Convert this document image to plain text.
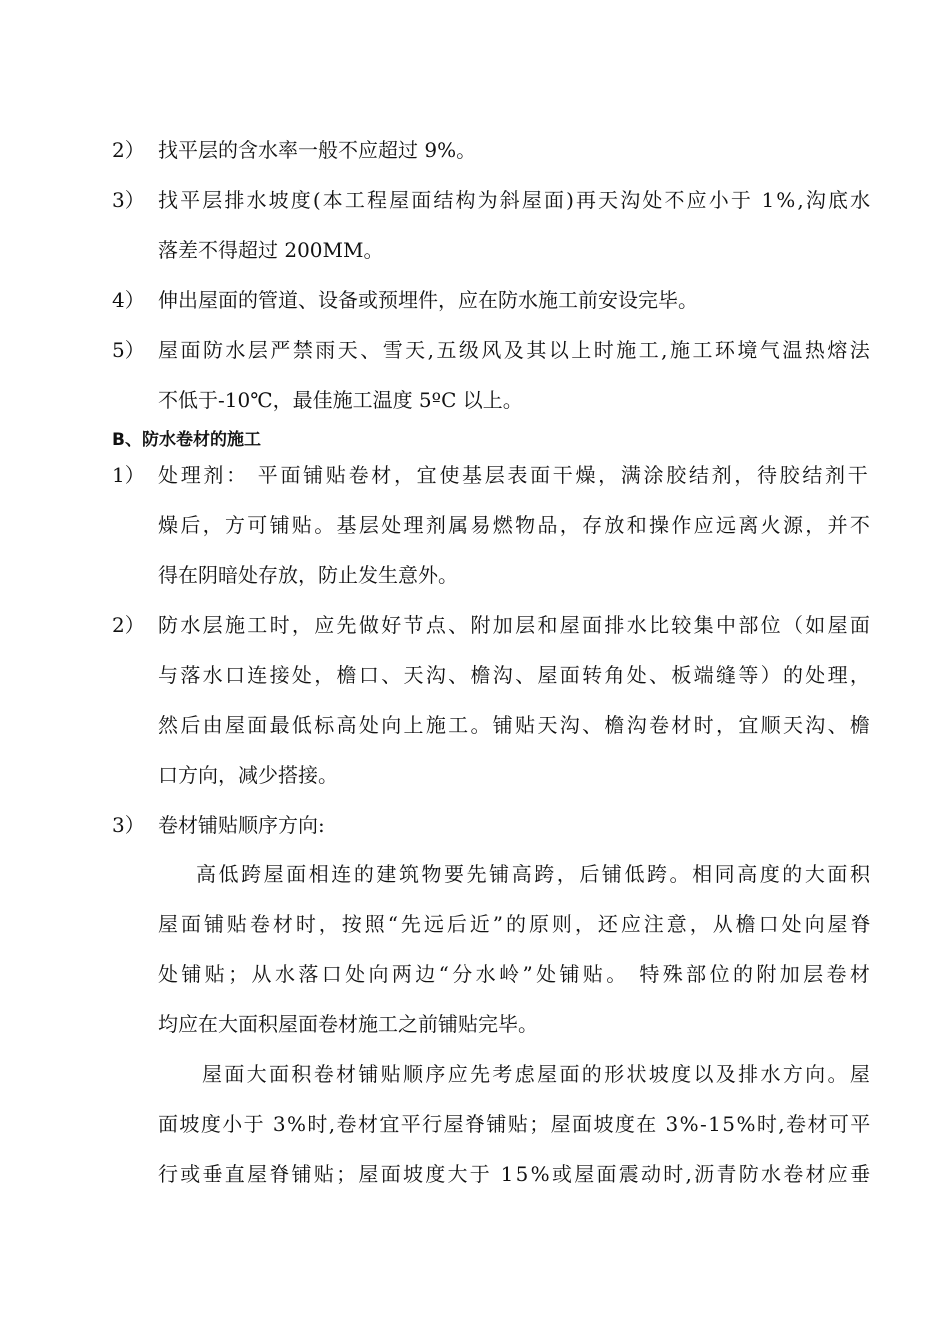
2） 找平层的含水率一般不应超过 9%。
3） 找平层排水坡度(本工程屋面结构为斜屋面)再天沟处不应小于 1%,沟底水
落差不得超过 200MM。
4） 伸出屋面的管道、设备或预埋件，应在防水施工前安设完毕。
5） 屋面防水层严禁雨天、雪天,五级风及其以上时施工,施工环境气温热熔法
不低于-10℃，最佳施工温度 5ºC 以上。
B、防水卷材的施工
1） 处理剂： 平面铺贴卷材，宜使基层表面干燥，满涂胶结剂，待胶结剂干
燥后，方可铺贴。基层处理剂属易燃物品，存放和操作应远离火源，并不
得在阴暗处存放，防止发生意外。
2） 防水层施工时，应先做好节点、附加层和屋面排水比较集中部位（如屋面
与落水口连接处，檐口、天沟、檐沟、屋面转角处、板端缝等）的处理，
然后由屋面最低标高处向上施工。铺贴天沟、檐沟卷材时，宜顺天沟、檐
口方向，减少搭接。
3） 卷材铺贴顺序方向:
高低跨屋面相连的建筑物要先铺高跨，后铺低跨。相同高度的大面积
屋面铺贴卷材时，按照“先远后近”的原则，还应注意，从檐口处向屋脊
处铺贴；从水落口处向两边“分水岭”处铺贴。 特殊部位的附加层卷材
均应在大面积屋面卷材施工之前铺贴完毕。
屋面大面积卷材铺贴顺序应先考虑屋面的形状坡度以及排水方向。屋
面坡度小于 3%时,卷材宜平行屋脊铺贴；屋面坡度在 3%-15%时,卷材可平
行或垂直屋脊铺贴；屋面坡度大于 15%或屋面震动时,沥青防水卷材应垂
